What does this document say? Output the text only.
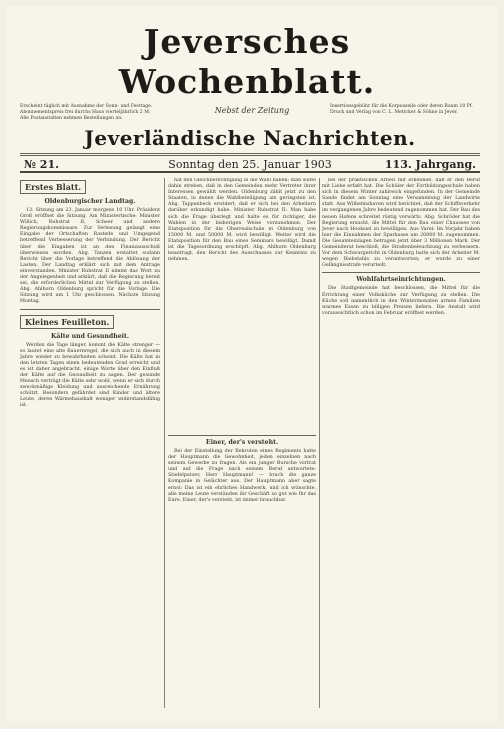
Jeversches Wochenblatt.
Erscheint täglich mit Ausnahme der Sonn- und Festtage. Abonnementspreis frei durchs Haus vierteljährlich 2 M. Alle Postanstalten nehmen Bestellungen an.
Nebst der Zeitung	Insertionsgebühr für die Korpuszeile oder deren Raum 10 Pf. Druck und Verlag von C. L. Mettcker & Söhne in Jever.
Jeverländische Nachrichten.
№ 21.	Sonntag den 25. Januar 1903	113. Jahrgang.
Erstes Blatt.
Oldenburgischer Landtag.

13. Sitzung am 23. Januar morgens 10 Uhr. Präsident Groß eröffnet die Sitzung. Am Ministertische: Minister Willich, Ruhstrat II, Scheer und andere Regierungskommissare. Zur Verlesung gelangt eine Eingabe der Ortschaften Rastede und Umgegend betreffend Verbesserung der Verbindung. Der Bericht über die Eingaben ist an den Finanzausschuß überwiesen worden. Abg. Tanzen erstattet sodann Bericht über die Vorlage betreffend die Ablösung der Lasten. Der Landtag erklärt sich mit dem Antrage einverstanden. Minister Ruhstrat II nimmt das Wort zu der Angelegenheit und erklärt, daß die Regierung bereit sei, die erforderlichen Mittel zur Verfügung zu stellen. Abg. Ahlhorn Oldenburg spricht für die Vorlage. Die Sitzung wird um 1 Uhr geschlossen. Nächste Sitzung Montag.

Kleines Feuilleton.
Kälte und Gesundheit.

Werden die Tage länger, kommt die Kälte strenger — so lautet eine alte Bauernregel, die sich auch in diesem Jahre wieder zu bewahrheiten scheint. Die Kälte hat in den letzten Tagen einen bedeutenden Grad erreicht und es ist daher angebracht, einige Worte über den Einfluß der Kälte auf die Gesundheit zu sagen. Der gesunde Mensch verträgt die Kälte sehr wohl, wenn er sich durch zweckmäßige Kleidung und ausreichende Ernährung schützt. Besonders gefährdet sind Kinder und ältere Leute, deren Wärmehaushalt weniger widerstandsfähig ist.

hat den Gleichberechtigung in die Wahl haben; man sollte dahin streben, daß in den Gemeinden mehr Vertreter ihrer Interessen gewählt werden. Oldenburg zählt jetzt zu den Staaten, in denen die Wahlbeteiligung am geringsten ist. Abg. Tappenbeck erwidert, daß er sich bei den Arbeitern darüber erkundigt habe. Minister Ruhstrat II: Man habe sich die Frage überlegt und halte es für richtiger, die Wahlen in der bisherigen Weise vorzunehmen. Der Etatsposition für die Oberrealschule in Oldenburg von 15000 M. und 50000 M. wird bewilligt. Weiter wird die Etatsposition für den Bau eines Seminars bewilligt. Damit ist die Tagesordnung erschöpft. Abg. Ahlhorn Oldenburg beantragt, den Bericht des Ausschusses zur Kenntnis zu nehmen.

Einer, der's versteht.

Bei der Einstellung der Rekruten eines Regiments hatte der Hauptmann die Gewohnheit, jeden einzelnen nach seinem Gewerbe zu fragen. Als ein junger Bursche vortrat und auf die Frage nach seinem Beruf antwortete: Stiefelputzer, Herr Hauptmann! — brach die ganze Kompanie in Gelächter aus. Der Hauptmann aber sagte ernst: Das ist ein ehrliches Handwerk, und ich wünschte, alle meine Leute verständen ihr Geschäft so gut wie Ihr das Eure. Einer, der's versteht, ist immer brauchbar.

bei der praktischen Arbeit mit erkennen, daß er den Beruf mit Liebe erfaßt hat. Die Schüler der Fortbildungsschule haben sich in diesem Winter zahlreich eingefunden. In der Gemeinde Sande findet am Sonntag eine Versammlung der Landwirte statt. Aus Wilhelmshaven wird berichtet, daß der Schiffsverkehr im vergangenen Jahre bedeutend zugenommen hat. Der Bau des neuen Hafens schreitet rüstig vorwärts. Abg. Schröder hat die Regierung ersucht, die Mittel für den Bau einer Chaussee von Jever nach Hooksiel zu bewilligen. Aus Varel: Im Vorjahr haben hier die Einnahmen der Sparkasse um 20000 M. zugenommen. Die Gesamteinlagen betragen jetzt über 3 Millionen Mark. Der Gemeinderat beschloß, die Straßenbeleuchtung zu verbessern. Vor dem Schwurgericht in Oldenburg hatte sich der Arbeiter M. wegen Diebstahls zu verantworten; er wurde zu einer Gefängnisstrafe verurteilt.

Wohlfahrtseinrichtungen.

Die Stadtgemeinde hat beschlossen, die Mittel für die Errichtung einer Volksküche zur Verfügung zu stellen. Die Küche soll namentlich in den Wintermonaten armen Familien warmes Essen zu billigen Preisen liefern. Die Anstalt wird voraussichtlich schon im Februar eröffnet werden.
